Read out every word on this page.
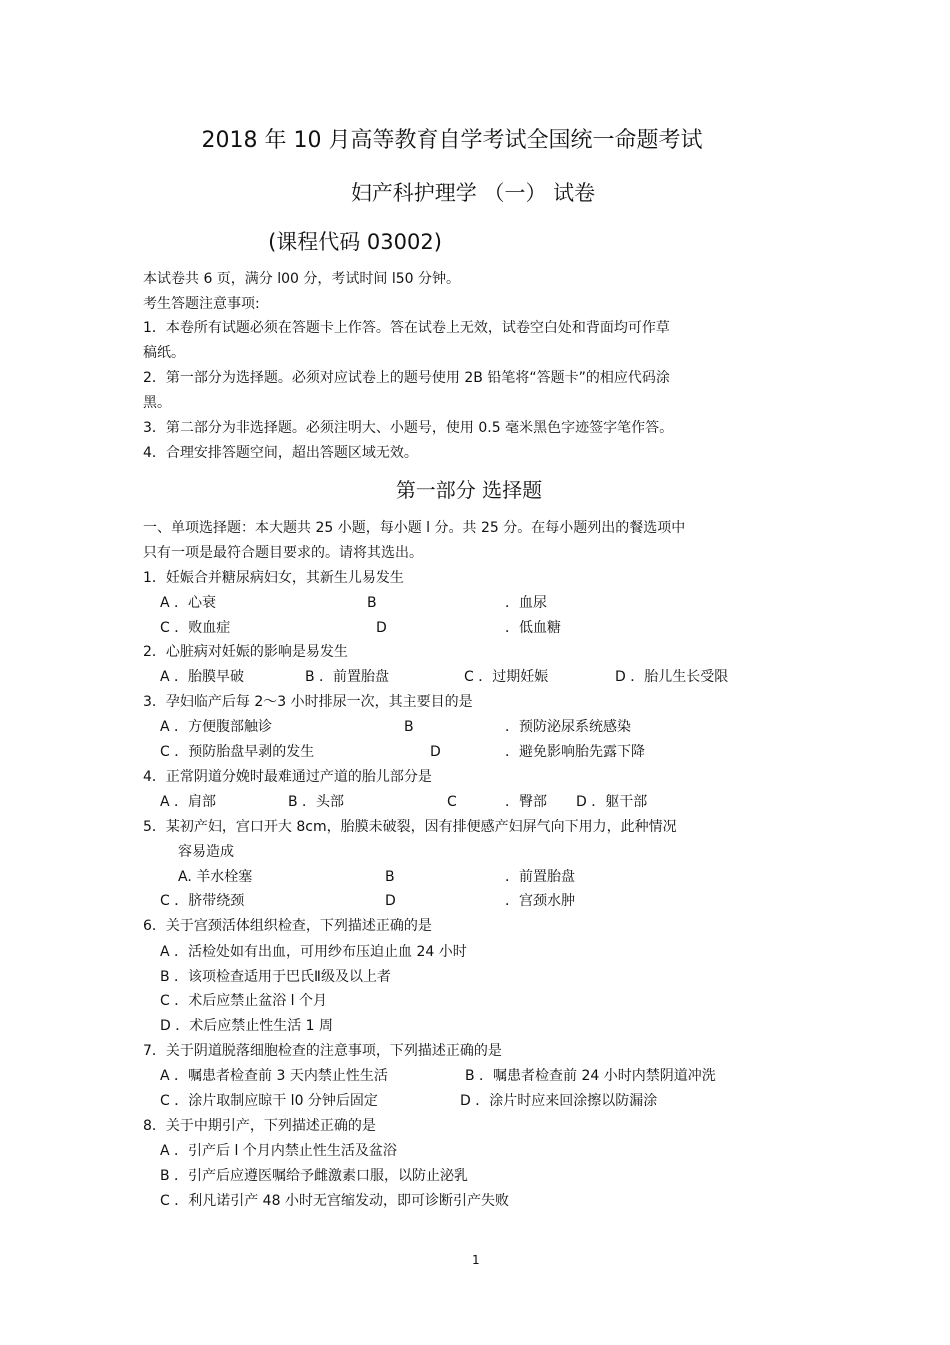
2018 年 10 月高等教育自学考试全国统一命题考试
妇产科护理学 （一） 试卷
(课程代码 03002)
本试卷共 6 页，满分 l00 分，考试时间 l50 分钟。
考生答题注意事项:
1．本卷所有试题必须在答题卡上作答。答在试卷上无效，试卷空白处和背面均可作草
稿纸。
2．第一部分为选择题。必须对应试卷上的题号使用 2B 铅笔将“答题卡”的相应代码涂
黑。
3．第二部分为非选择题。必须注明大、小题号，使用 0.5 毫米黑色字迹签字笔作答。
4．合理安排答题空间，超出答题区域无效。
第一部分 选择题
一、单项选择题：本大题共 25 小题，每小题 l 分。共 25 分。在每小题列出的餐选项中
只有一项是最符合题目要求的。请将其选出。
1．妊娠合并糖尿病妇女，其新生儿易发生
A ．心衰	B	．血尿
C ．败血症	D	．低血糖
2．心脏病对妊娠的影响是易发生
A ．胎膜早破	B ．前置胎盘	C ．过期妊娠	D ．胎儿生长受限
3．孕妇临产后每 2～3 小时排尿一次，其主要目的是
A ．方便腹部触诊	B	．预防泌尿系统感染
C ．预防胎盘早剥的发生	D	．避免影响胎先露下降
4．正常阴道分娩时最难通过产道的胎儿部分是
A ．肩部	B ．头部	C	．臀部 D ．躯干部
5．某初产妇，宫口开大 8cm，胎膜未破裂，因有排便感产妇屏气向下用力，此种情况
容易造成
A. 羊水栓塞	B	．前置胎盘
C ．脐带绕颈	D	．宫颈水肿
6．关于宫颈活体组织检查，下列描述正确的是
A ．活检处如有出血，可用纱布压迫止血 24 小时
B ．该项检查适用于巴氏Ⅱ级及以上者
C ．术后应禁止盆浴 l 个月
D ．术后应禁止性生活 1 周
7．关于阴道脱落细胞检查的注意事项，下列描述正确的是
A ．嘱患者检查前 3 天内禁止性生活	B ．嘱患者检查前 24 小时内禁阴道冲洗
C ．涂片取制应晾干 l0 分钟后固定	D ．涂片时应来回涂擦以防漏涂
8．关于中期引产，下列描述正确的是
A ．引产后 l 个月内禁止性生活及盆浴
B ．引产后应遵医嘱给予雌激素口服，以防止泌乳
C ．利凡诺引产 48 小时无宫缩发动，即可诊断引产失败
1
